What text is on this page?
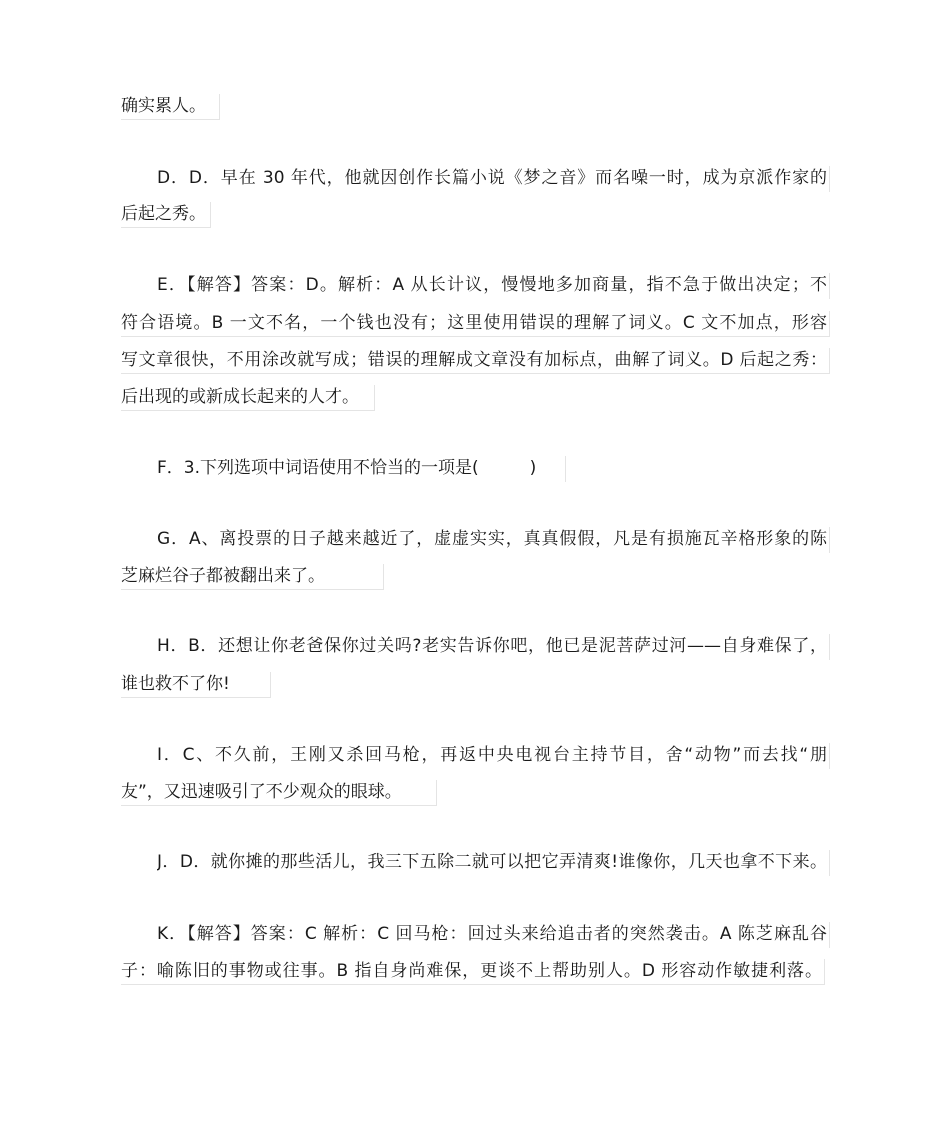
确实累人。
D．D．早在 30 年代，他就因创作长篇小说《梦之音》而名噪一时，成为京派作家的
后起之秀。
E．【解答】答案：D。解析：A 从长计议，慢慢地多加商量，指不急于做出决定；不
符合语境。B 一文不名，一个钱也没有；这里使用错误的理解了词义。C 文不加点，形容
写文章很快，不用涂改就写成；错误的理解成文章没有加标点，曲解了词义。D 后起之秀：
后出现的或新成长起来的人才。
F．3.下列选项中词语使用不恰当的一项是(　　　)
G．A、离投票的日子越来越近了，虚虚实实，真真假假，凡是有损施瓦辛格形象的陈
芝麻烂谷子都被翻出来了。
H．B．还想让你老爸保你过关吗?老实告诉你吧，他已是泥菩萨过河——自身难保了，
谁也救不了你!
I．C、不久前，王刚又杀回马枪，再返中央电视台主持节目，舍“动物”而去找“朋
友”，又迅速吸引了不少观众的眼球。
J．D．就你摊的那些活儿，我三下五除二就可以把它弄清爽!谁像你，几天也拿不下来。
K．【解答】答案：C 解析：C 回马枪：回过头来给追击者的突然袭击。A 陈芝麻乱谷
子：喻陈旧的事物或往事。B 指自身尚难保，更谈不上帮助别人。D 形容动作敏捷利落。
